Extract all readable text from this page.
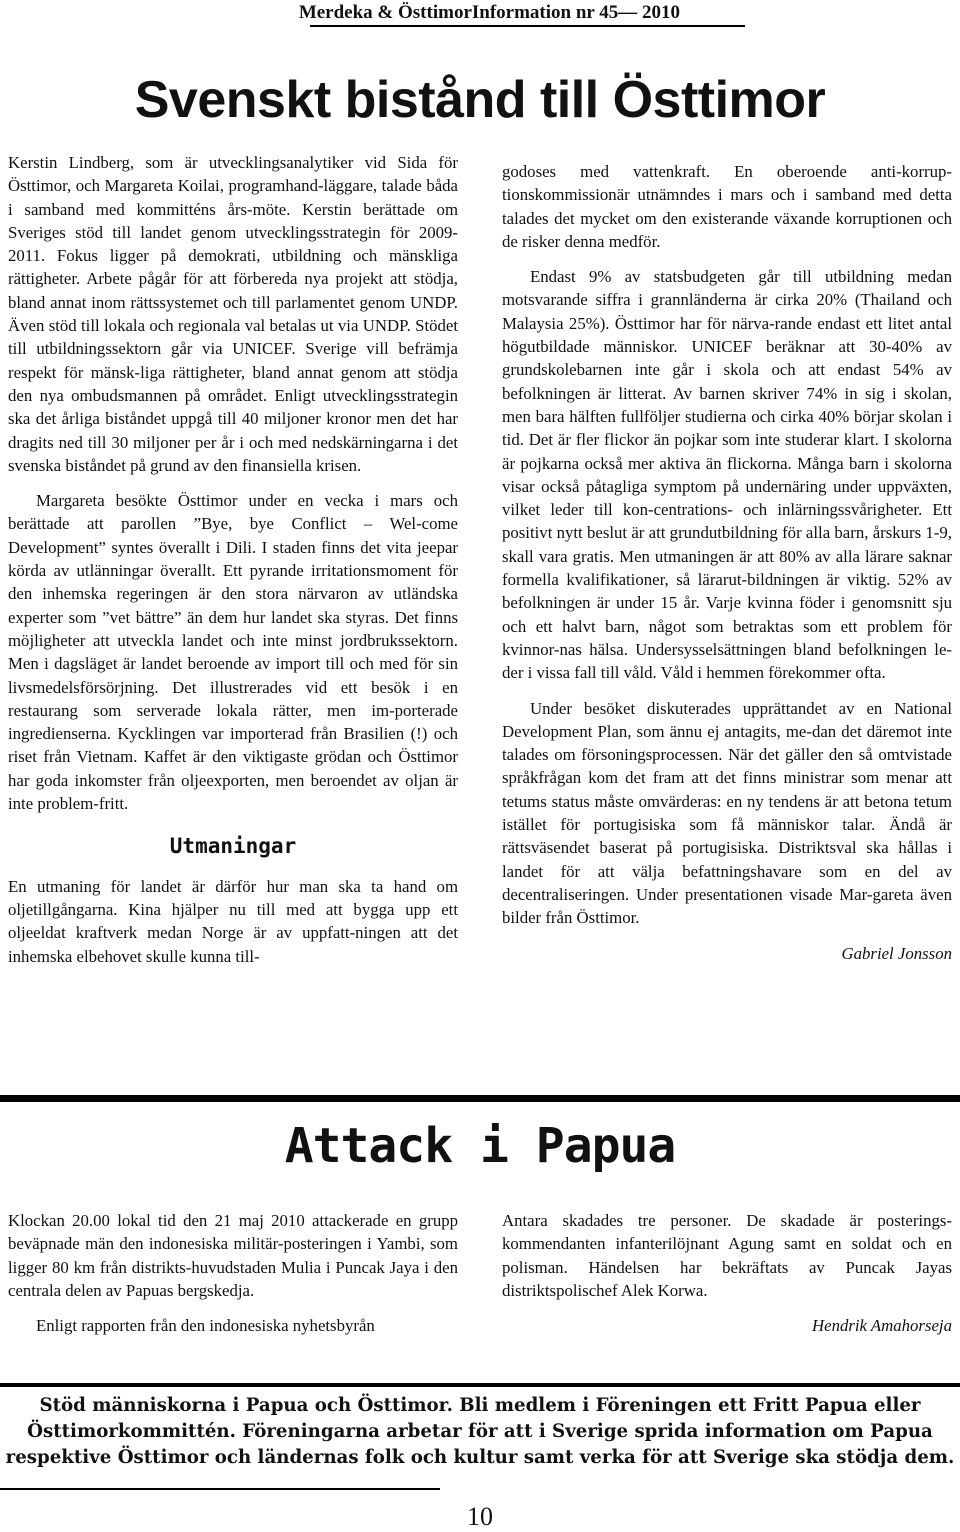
Merdeka & ÖsttimorInformation nr 45— 2010
Svenskt bistånd till Östtimor

Kerstin Lindberg, som är utvecklingsanalytiker vid Sida för Östtimor, och Margareta Koilai, programhand-läggare, talade båda i samband med kommitténs års-möte. Kerstin berättade om Sveriges stöd till landet genom utvecklingsstrategin för 2009-2011. Fokus ligger på demokrati, utbildning och mänskliga rättigheter. Arbete pågår för att förbereda nya projekt att stödja, bland annat inom rättssystemet och till parlamentet genom UNDP. Även stöd till lokala och regionala val betalas ut via UNDP. Stödet till utbildningssektorn går via UNICEF. Sverige vill befrämja respekt för mänsk-liga rättigheter, bland annat genom att stödja den nya ombudsmannen på området. Enligt utvecklingsstrategin ska det årliga biståndet uppgå till 40 miljoner kronor men det har dragits ned till 30 miljoner per år i och med nedskärningarna i det svenska biståndet på grund av den finansiella krisen.

Margareta besökte Östtimor under en vecka i mars och berättade att parollen ”Bye, bye Conflict – Wel-come Development” syntes överallt i Dili. I staden finns det vita jeepar körda av utlänningar överallt. Ett pyrande irritationsmoment för den inhemska regeringen är den stora närvaron av utländska experter som ”vet bättre” än dem hur landet ska styras. Det finns möjligheter att utveckla landet och inte minst jordbrukssektorn. Men i dagsläget är landet beroende av import till och med för sin livsmedelsförsörjning. Det illustrerades vid ett besök i en restaurang som serverade lokala rätter, men im-porterade ingredienserna. Kycklingen var importerad från Brasilien (!) och riset från Vietnam. Kaffet är den viktigaste grödan och Östtimor har goda inkomster från oljeexporten, men beroendet av oljan är inte problem-fritt.

Utmaningar

En utmaning för landet är därför hur man ska ta hand om oljetillgångarna. Kina hjälper nu till med att bygga upp ett oljeeldat kraftverk medan Norge är av uppfatt-ningen att det inhemska elbehovet skulle kunna till-

godoses med vattenkraft. En oberoende anti-korrup-tionskommissionär utnämndes i mars och i samband med detta talades det mycket om den existerande växande korruptionen och de risker denna medför.

Endast 9% av statsbudgeten går till utbildning medan motsvarande siffra i grannländerna är cirka 20% (Thailand och Malaysia 25%). Östtimor har för närva-rande endast ett litet antal högutbildade människor. UNICEF beräknar att 30-40% av grundskolebarnen inte går i skola och att endast 54% av befolkningen är litterat. Av barnen skriver 74% in sig i skolan, men bara hälften fullföljer studierna och cirka 40% börjar skolan i tid. Det är fler flickor än pojkar som inte studerar klart. I skolorna är pojkarna också mer aktiva än flickorna. Många barn i skolorna visar också påtagliga symptom på undernäring under uppväxten, vilket leder till kon-centrations- och inlärningssvårigheter. Ett positivt nytt beslut är att grundutbildning för alla barn, årskurs 1-9, skall vara gratis. Men utmaningen är att 80% av alla lärare saknar formella kvalifikationer, så lärarut-bildningen är viktig. 52% av befolkningen är under 15 år. Varje kvinna föder i genomsnitt sju och ett halvt barn, något som betraktas som ett problem för kvinnor-nas hälsa. Undersysselsättningen bland befolkningen le-der i vissa fall till våld. Våld i hemmen förekommer ofta.

Under besöket diskuterades upprättandet av en National Development Plan, som ännu ej antagits, me-dan det däremot inte talades om försoningsprocessen. När det gäller den så omtvistade språkfrågan kom det fram att det finns ministrar som menar att tetums status måste omvärderas: en ny tendens är att betona tetum istället för portugisiska som få människor talar. Ändå är rättsväsendet baserat på portugisiska. Distriktsval ska hållas i landet för att välja befattningshavare som en del av decentraliseringen. Under presentationen visade Mar-gareta även bilder från Östtimor.

Gabriel Jonsson

Attack i Papua

Klockan 20.00 lokal tid den 21 maj 2010 attackerade en grupp beväpnade män den indonesiska militär-posteringen i Yambi, som ligger 80 km från distrikts-huvudstaden Mulia i Puncak Jaya i den centrala delen av Papuas bergskedja.

Enligt rapporten från den indonesiska nyhetsbyrån

Antara skadades tre personer. De skadade är posterings-kommendanten infanterilöjnant Agung samt en soldat och en polisman. Händelsen har bekräftats av Puncak Jayas distriktspolischef Alek Korwa.

Hendrik Amahorseja

Stöd människorna i Papua och Östtimor. Bli medlem i Föreningen ett Fritt Papua eller
Östtimorkommittén. Föreningarna arbetar för att i Sverige sprida information om Papua
respektive Östtimor och ländernas folk och kultur samt verka för att Sverige ska stödja dem.
10
